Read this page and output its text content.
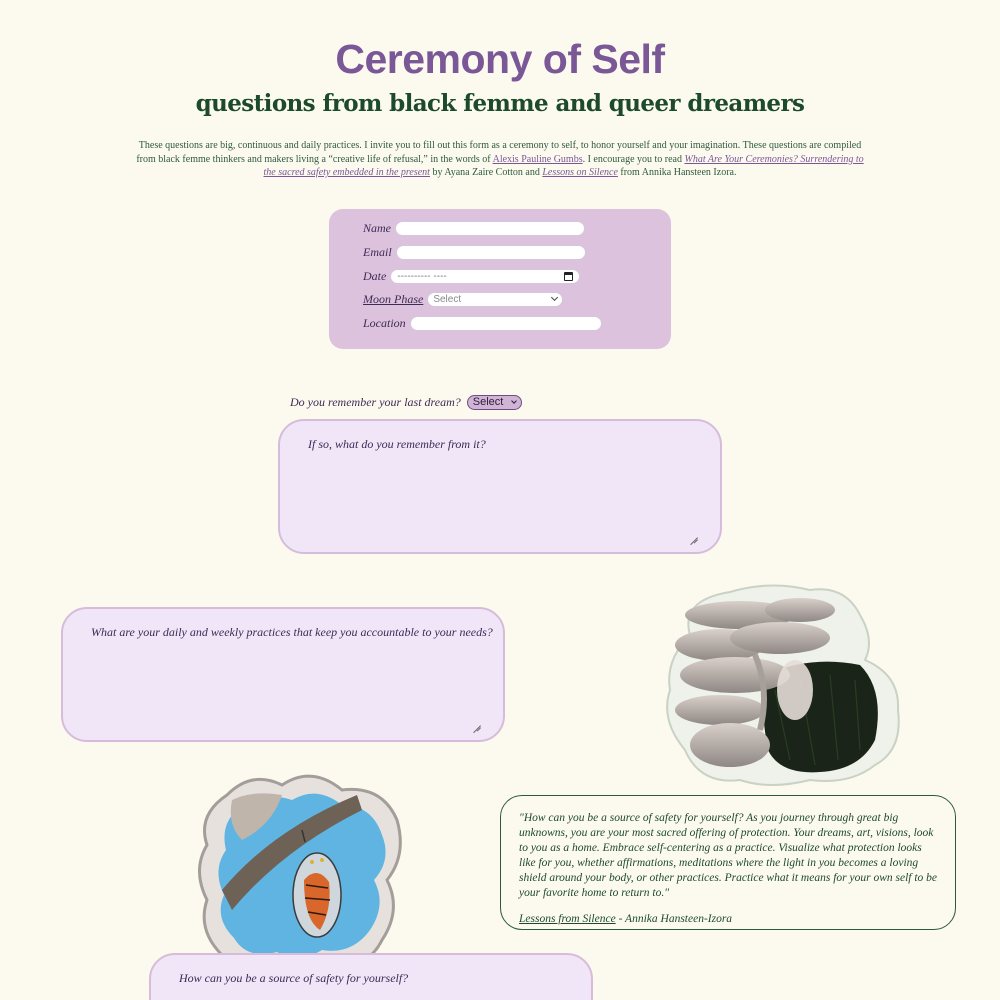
Ceremony of Self
questions from black femme and queer dreamers

These questions are big, continuous and daily practices. I invite you to fill out this form as a ceremony to self, to honor yourself and your imagination. These questions are compiled from black femme thinkers and makers living a “creative life of refusal,” in the words of Alexis Pauline Gumbs. I encourage you to read What Are Your Ceremonies? Surrendering to the sacred safety embedded in the present by Ayana Zaire Cotton and Lessons on Silence from Annika Hansteen Izora.

Name
Email
Date ---------- ----
Moon Phase Select
Location
Do you remember your last dream? Select
If so, what do you remember from it?
What are your daily and weekly practices that keep you accountable to your needs?

"How can you be a source of safety for yourself? As you journey through great big unknowns, you are your most sacred offering of protection. Your dreams, art, visions, look to you as a home. Embrace self-centering as a practice. Visualize what protection looks like for you, whether affirmations, meditations where the light in you becomes a loving shield around your body, or other practices. Practice what it means for your own self to be your favorite home to return to."

Lessons from Silence - Annika Hansteen-Izora

How can you be a source of safety for yourself?
